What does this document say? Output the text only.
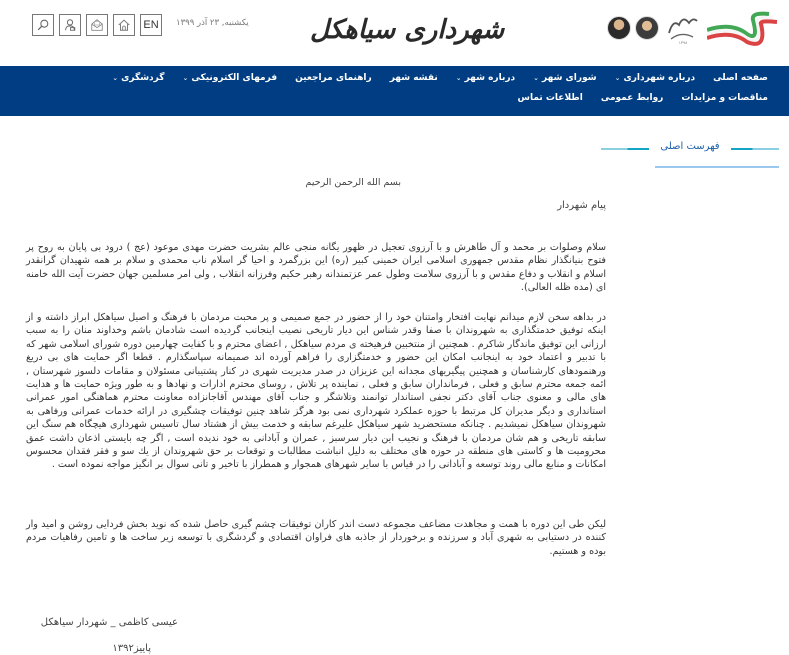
EN	یکشنبه, ۲۳ آذر ۱۳۹۹ شهرداری سیاهکل	۱۳۹۸
صفحه اصلی
درباره شهرداری
⌄
شورای شهر
⌄
درباره شهر
⌄
نقشه شهر
راهنمای مراجعین
فرمهای الکترونیکی
⌄
گردشگری
⌄
مناقصات و مزایدات
روابط عمومی
اطلاعات تماس
اتاق شیشه ای
فهرست اصلی
بسم الله الرحمن الرحیم
پیام شهردار

سلام وصلوات بر محمد و آل طاهرش و با آرزوی تعجیل در ظهور یگانه منجی عالم بشریت حضرت مهدی موعود (عج ) درود بی پایان به روح پر فتوح بنیانگذار نظام مقدس جمهوری اسلامی ایران خمینی کبیر (ره) این بزرگمرد و احیا گر اسلام ناب محمدی و سلام بر همه شهیدان گرانقدر اسلام و انقلاب و دفاع مقدس و با آرزوی سلامت وطول عمر عزتمندانه رهبر حکیم وفرزانه انقلاب , ولی امر مسلمین جهان حضرت آیت الله خامنه ای (مده ظله العالی).

در بداهه سخن لازم میدانم نهایت افتخار وامتنان خود را از حضور در جمع صمیمی و پر محبت مردمان با فرهنگ و اصیل سیاهکل ابراز داشته و از اینکه توفیق خدمتگذاری به شهروندان با صفا وقدر شناس این دیار تاریخی نصیب اینجانب گردیده است شادمان باشم وخداوند منان را به سبب ارزانی این توفیق ماندگار شاکرم . همچنین از منتخبین فرهیخته ی مردم سیاهکل , اعضای محترم و با کفایت چهارمین دوره شورای اسلامی شهر که با تدبیر و اعتماد خود به اینجانب امکان این حضور و خدمتگزاری را فراهم آورده اند صمیمانه سپاسگذارم . قطعا اگر حمایت های بی دریغ ورهنمودهای کارشناسان و همچنین پیگیریهای مجدانه این عزیزان در صدر مدیریت شهری در کنار پشتیبانی مسئولان و مقامات دلسوز شهرستان , ائمه جمعه محترم سابق و فعلی , فرمانداران سابق و فعلی , نماینده پر تلاش , روسای محترم ادارات و نهادها و به طور ویژه حمایت ها و هدایت های مالی و معنوی جناب آقای دکتر نجفی استاندار توانمند وتلاشگر و جناب آقای مهندس آقاجانزاده معاونت محترم هماهنگی امور عمرانی استانداری و دیگر مدیران کل مرتبط با حوزه عملکرد شهرداری نمی بود هرگز شاهد چنین توفیقات چشگیری در ارائه خدمات عمرانی ورفاهی به شهروندان سیاهکل نمیشدیم . چنانکه مستحضرید شهر سیاهکل علیرغم سابقه و خدمت بیش از هشتاد سال تاسیس شهرداری هیچگاه هم سنگ این سابقه تاریخی و هم شان مردمان با فرهنگ و نجیب این دیار سرسبز , عمران و آبادانی به خود ندیده است , اگر چه بایستی اذعان داشت عمق محرومیت ها و کاستی های منطقه در حوزه های مختلف به دلیل انباشت مطالبات و توقعات بر حق شهروندان از یك سو و فقر فقدان محسوس امکانات و منابع مالی روند توسعه و آبادانی را در قیاس با سایر شهرهای همجوار و همطراز با تاخیر و تانی سوال بر انگیز مواجه نموده است .

لیکن طی این دوره با همت و مجاهدت مضاعف مجموعه دست اندر کاران توفیقات چشم گیری حاصل شده که نوید بخش فردایی روشن و امید وار کننده در دستیابی به شهری آباد و سرزنده و برخوردار از جاذبه های فراوان اقتصادی و گردشگری با توسعه زیر ساخت ها و تامین رفاهیات مردم بوده و هستیم.

عیسی کاظمی _ شهردار سیاهکل
پاییز۱۳۹۲
